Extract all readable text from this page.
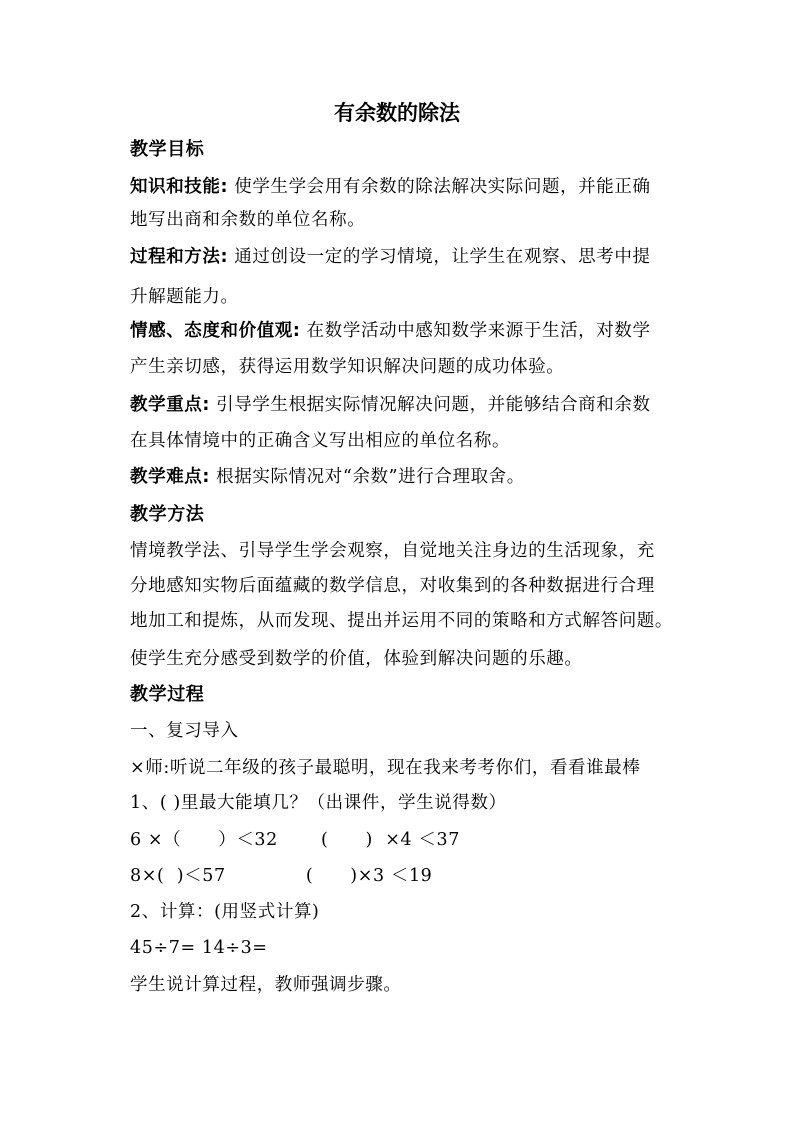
有余数的除法
教学目标
知识和技能: 使学生学会用有余数的除法解决实际问题，并能正确
地写出商和余数的单位名称。
过程和方法: 通过创设一定的学习情境，让学生在观察、思考中提
升解题能力。
情感、态度和价值观: 在数学活动中感知数学来源于生活，对数学
产生亲切感，获得运用数学知识解决问题的成功体验。
教学重点: 引导学生根据实际情况解决问题，并能够结合商和余数
在具体情境中的正确含义写出相应的单位名称。
教学难点: 根据实际情况对“余数”进行合理取舍。
教学方法
情境教学法、引导学生学会观察，自觉地关注身边的生活现象，充
分地感知实物后面蕴藏的数学信息，对收集到的各种数据进行合理
地加工和提炼，从而发现、提出并运用不同的策略和方式解答问题。
使学生充分感受到数学的价值，体验到解决问题的乐趣。
教学过程
一、复习导入
×师:听说二年级的孩子最聪明，现在我来考考你们，看看谁最棒
1、( )里最大能填几？（出课件，学生说得数）
6 ×（      ）＜32       (      )  ×4 ＜37
8×(  )＜57             (      )×3 ＜19
2、计算：(用竖式计算)
45÷7= 14÷3=
学生说计算过程，教师强调步骤。
